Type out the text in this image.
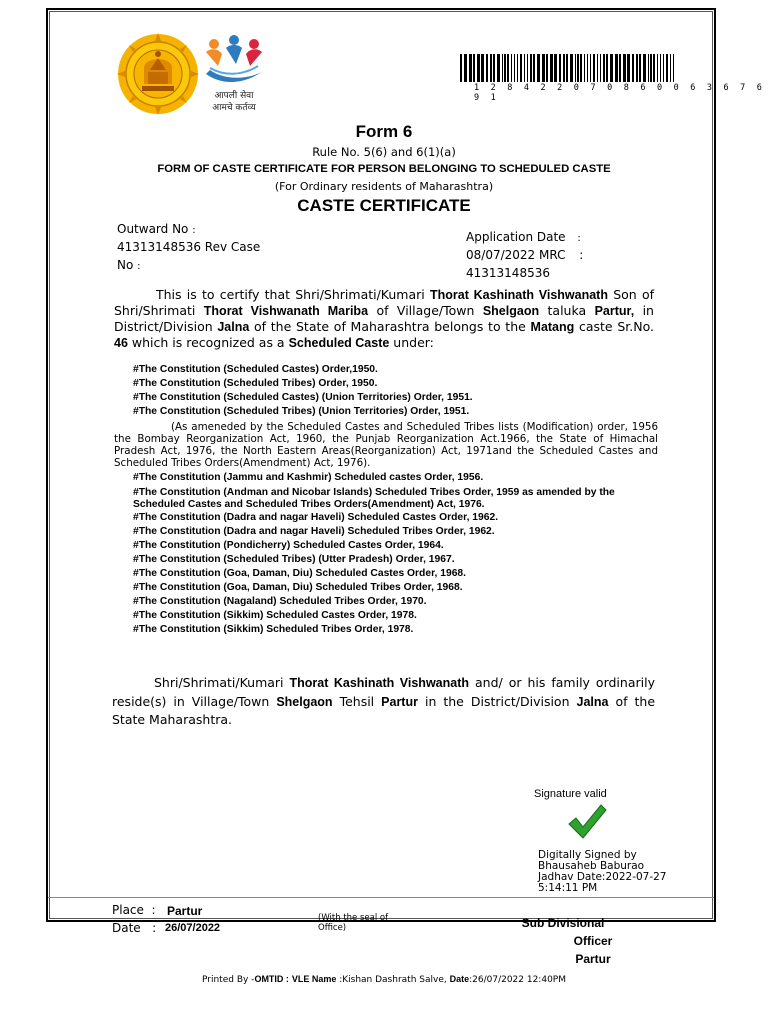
आपली सेवा
आमचे कर्तव्य
1 2 8 4 2 2 0 7 0 8 6 0 0 6 3 6 7 6 9 1
Form 6
Rule No. 5(6) and 6(1)(a)
FORM OF CASTE CERTIFICATE FOR PERSON BELONGING TO SCHEDULED CASTE
(For Ordinary residents of Maharashtra)
CASTE CERTIFICATE
Outward No :
41313148536 Rev Case
No :
Application Date :
08/07/2022 MRC :
41313148536
This is to certify that Shri/Shrimati/Kumari Thorat Kashinath Vishwanath Son of Shri/Shrimati Thorat Vishwanath Mariba of Village/Town Shelgaon taluka Partur, in District/Division Jalna of the State of Maharashtra belongs to the Matang caste Sr.No. 46 which is recognized as a Scheduled Caste under:
#The Constitution (Scheduled Castes) Order,1950.
#The Constitution (Scheduled Tribes) Order, 1950.
#The Constitution (Scheduled Castes) (Union Territories) Order, 1951.
#The Constitution (Scheduled Tribes) (Union Territories) Order, 1951.
(As ameneded by the Scheduled Castes and Scheduled Tribes lists (Modification) order, 1956 the Bombay Reorganization Act, 1960, the Punjab Reorganization Act.1966, the State of Himachal Pradesh Act, 1976, the North Eastern Areas(Reorganization) Act, 1971and the Scheduled Castes and Scheduled Tribes Orders(Amendment) Act, 1976).
#The Constitution (Jammu and Kashmir) Scheduled castes Order, 1956.
#The Constitution (Andman and Nicobar Islands) Scheduled Tribes Order, 1959 as amended by the
Scheduled Castes and Scheduled Tribes Orders(Amendment) Act, 1976.
#The Constitution (Dadra and nagar Haveli) Scheduled Castes Order, 1962.
#The Constitution (Dadra and nagar Haveli) Scheduled Tribes Order, 1962.
#The Constitution (Pondicherry) Scheduled Castes Order, 1964.
#The Constitution (Scheduled Tribes) (Utter Pradesh) Order, 1967.
#The Constitution (Goa, Daman, Diu) Scheduled Castes Order, 1968.
#The Constitution (Goa, Daman, Diu) Scheduled Tribes Order, 1968.
#The Constitution (Nagaland) Scheduled Tribes Order, 1970.
#The Constitution (Sikkim) Scheduled Castes Order, 1978.
#The Constitution (Sikkim) Scheduled Tribes Order, 1978.
Shri/Shrimati/Kumari Thorat Kashinath Vishwanath and/ or his family ordinarily reside(s) in Village/Town Shelgaon Tehsil Partur in the District/Division Jalna of the State Maharashtra.
Signature valid
Digitally Signed by
Bhausaheb Baburao
Jadhav Date:2022-07-27
5:14:11 PM
Place : Partur
Date : 26/07/2022
(With the seal of
Office)	Sub Divisional
Officer
Partur
Printed By -OMTID : VLE Name :Kishan Dashrath Salve, Date:26/07/2022 12:40PM
